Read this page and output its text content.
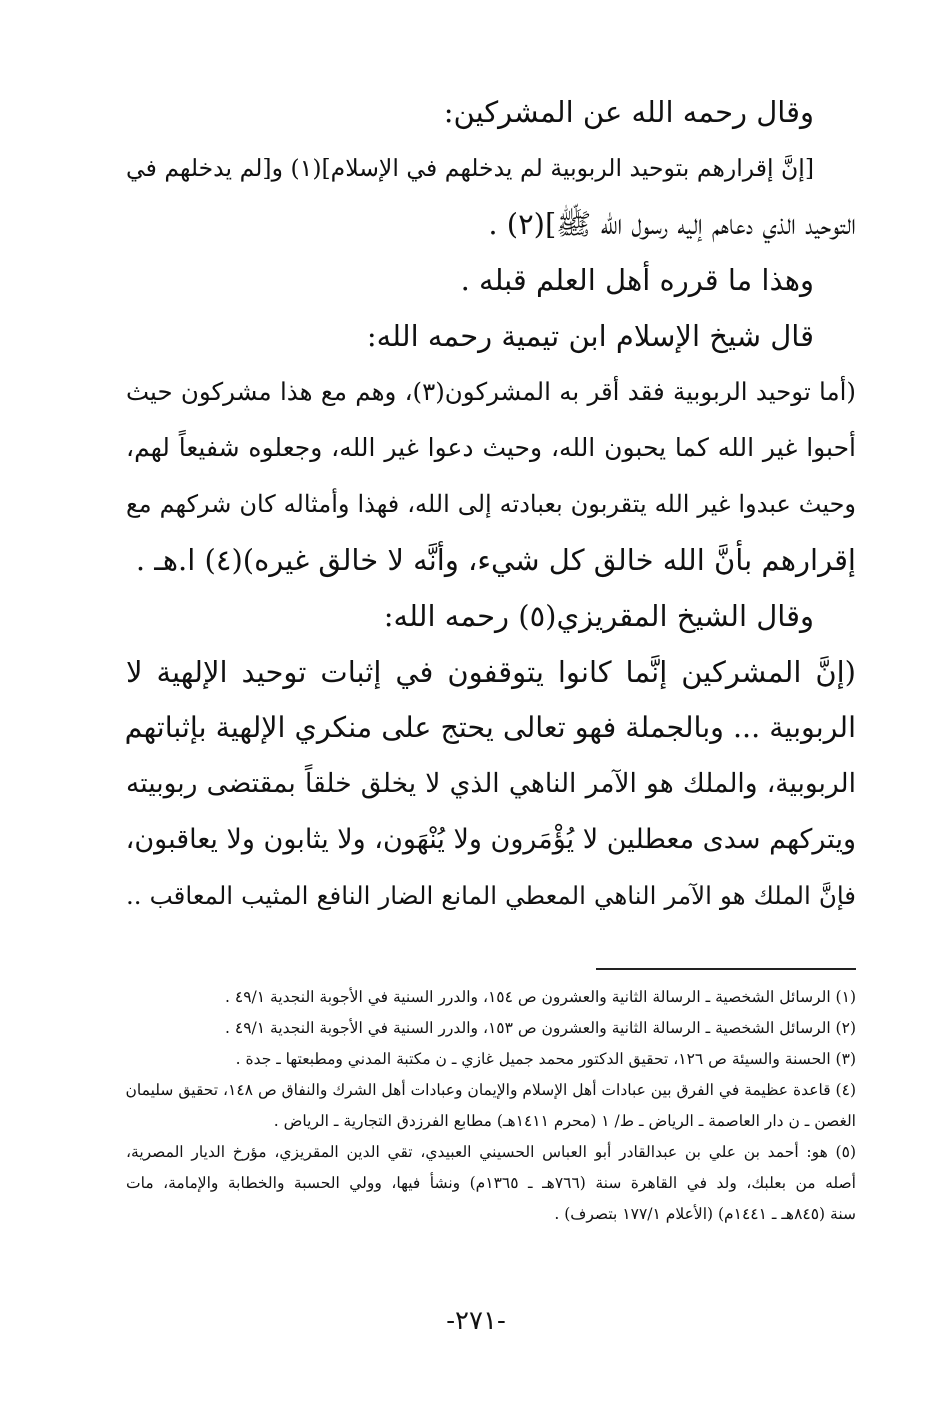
وقال رحمه الله عن المشركين:
[إنَّ إقرارهم بتوحيد الربوبية لم يدخلهم في الإسلام](١) و[لم يدخلهم في
التوحيد الذي دعاهم إليه رسول الله ﷺ](٢) .
وهذا ما قرره أهل العلم قبله .
قال شيخ الإسلام ابن تيمية رحمه الله:
(أما توحيد الربوبية فقد أقر به المشركون(٣)، وهم مع هذا مشركون حيث
أحبوا غير الله كما يحبون الله، وحيث دعوا غير الله، وجعلوه شفيعاً لهم،
وحيث عبدوا غير الله يتقربون بعبادته إلى الله، فهذا وأمثاله كان شركهم مع
إقرارهم بأنَّ الله خالق كل شيء، وأنَّه لا خالق غيره)(٤) ا.هـ .
وقال الشيخ المقريزي(٥) رحمه الله:
(إنَّ المشركين إنَّما كانوا يتوقفون في إثبات توحيد الإلهية لا
الربوبية ... وبالجملة فهو تعالى يحتج على منكري الإلهية بإثباتهم
الربوبية، والملك هو الآمر الناهي الذي لا يخلق خلقاً بمقتضى ربوبيته
ويتركهم سدى معطلين لا يُؤْمَرون ولا يُنْهَون، ولا يثابون ولا يعاقبون،
فإنَّ الملك هو الآمر الناهي المعطي المانع الضار النافع المثيب المعاقب ..
(١) الرسائل الشخصية ـ الرسالة الثانية والعشرون ص ١٥٤، والدرر السنية في الأجوبة النجدية ٤٩/١ .
(٢) الرسائل الشخصية ـ الرسالة الثانية والعشرون ص ١٥٣، والدرر السنية في الأجوبة النجدية ٤٩/١ .
(٣) الحسنة والسيئة ص ١٢٦، تحقيق الدكتور محمد جميل غازي ـ ن مكتبة المدني ومطبعتها ـ جدة .
(٤) قاعدة عظيمة في الفرق بين عبادات أهل الإسلام والإيمان وعبادات أهل الشرك والنفاق ص ١٤٨، تحقيق سليمان
الغصن ـ ن دار العاصمة ـ الرياض ـ ط/ ١ (محرم ١٤١١هـ) مطابع الفرزدق التجارية ـ الرياض .
(٥) هو: أحمد بن علي بن عبدالقادر أبو العباس الحسيني العبيدي، تقي الدين المقريزي، مؤرخ الديار المصرية،
أصله من بعلبك، ولد في القاهرة سنة (٧٦٦هـ ـ ١٣٦٥م) ونشأ فيها، وولي الحسبة والخطابة والإمامة، مات
سنة (٨٤٥هـ ـ ١٤٤١م) (الأعلام ١٧٧/١ بتصرف) .
-٢٧١-
